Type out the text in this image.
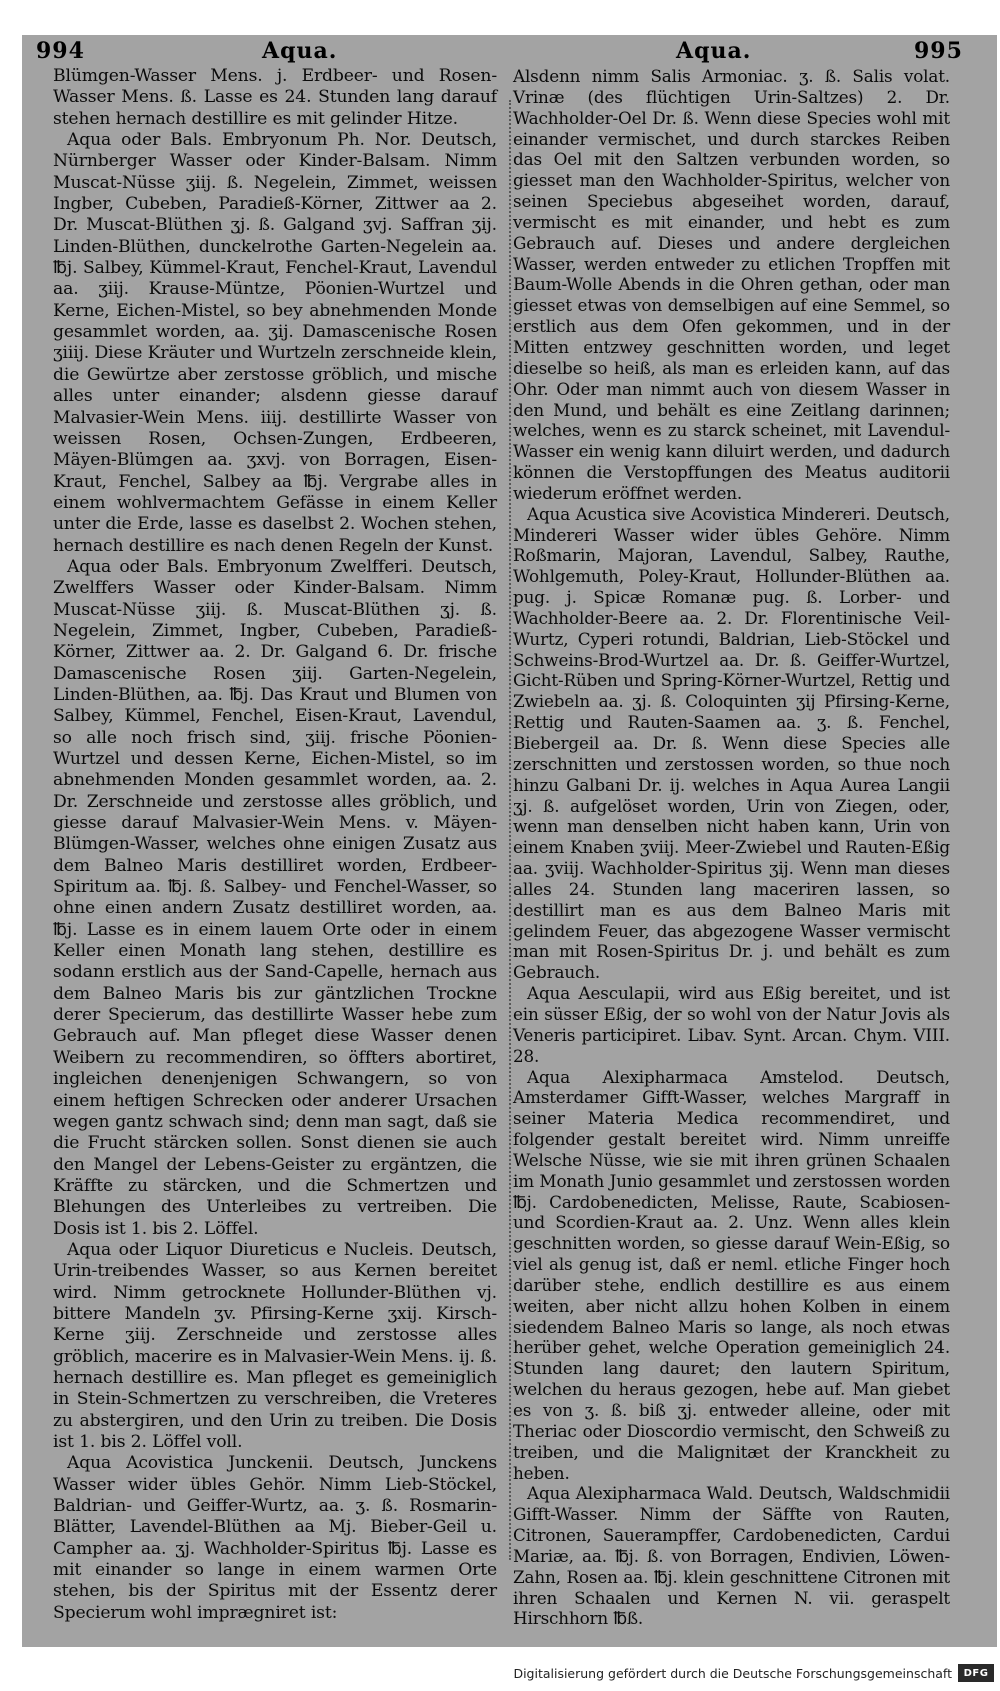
994	Aqua.	Aqua.	995

Blümgen-Wasser Mens. j. Erdbeer- und Rosen-Wasser Mens. ß. Lasse es 24. Stunden lang darauf stehen hernach destillire es mit gelinder Hitze.

Aqua oder Bals. Embryonum Ph. Nor. Deutsch, Nürnberger Wasser oder Kinder-Balsam. Nimm Muscat-Nüsse ʒiij. ß. Negelein, Zimmet, weissen Ingber, Cubeben, Paradieß-Körner, Zittwer aa 2. Dr. Muscat-Blüthen ʒj. ß. Galgand ʒvj. Saffran ʒij. Linden-Blüthen, dunckelrothe Garten-Negelein aa. ℔j. Salbey, Kümmel-Kraut, Fenchel-Kraut, Lavendul aa. ʒiij. Krause-Müntze, Pöonien-Wurtzel und Kerne, Eichen-Mistel, so bey abnehmenden Monde gesammlet worden, aa. ʒij. Damascenische Rosen ʒiiij. Diese Kräuter und Wurtzeln zerschneide klein, die Gewürtze aber zerstosse gröblich, und mische alles unter einander; alsdenn giesse darauf Malvasier-Wein Mens. iiij. destillirte Wasser von weissen Rosen, Ochsen-Zungen, Erdbeeren, Mäyen-Blümgen aa. ʒxvj. von Borragen, Eisen-Kraut, Fenchel, Salbey aa ℔j. Vergrabe alles in einem wohlvermachtem Gefässe in einem Keller unter die Erde, lasse es daselbst 2. Wochen stehen, hernach destillire es nach denen Regeln der Kunst.

Aqua oder Bals. Embryonum Zwelfferi. Deutsch, Zwelffers Wasser oder Kinder-Balsam. Nimm Muscat-Nüsse ʒiij. ß. Muscat-Blüthen ʒj. ß. Negelein, Zimmet, Ingber, Cubeben, Paradieß-Körner, Zittwer aa. 2. Dr. Galgand 6. Dr. frische Damascenische Rosen ʒiij. Garten-Negelein, Linden-Blüthen, aa. ℔j. Das Kraut und Blumen von Salbey, Kümmel, Fenchel, Eisen-Kraut, Lavendul, so alle noch frisch sind, ʒiij. frische Pöonien-Wurtzel und dessen Kerne, Eichen-Mistel, so im abnehmenden Monden gesammlet worden, aa. 2. Dr. Zerschneide und zerstosse alles gröblich, und giesse darauf Malvasier-Wein Mens. v. Mäyen-Blümgen-Wasser, welches ohne einigen Zusatz aus dem Balneo Maris destilliret worden, Erdbeer-Spiritum aa. ℔j. ß. Salbey- und Fenchel-Wasser, so ohne einen andern Zusatz destilliret worden, aa. ℔j. Lasse es in einem lauem Orte oder in einem Keller einen Monath lang stehen, destillire es sodann erstlich aus der Sand-Capelle, hernach aus dem Balneo Maris bis zur gäntzlichen Trockne derer Specierum, das destillirte Wasser hebe zum Gebrauch auf. Man pfleget diese Wasser denen Weibern zu recommendiren, so öffters abortiret, ingleichen denenjenigen Schwangern, so von einem heftigen Schrecken oder anderer Ursachen wegen gantz schwach sind; denn man sagt, daß sie die Frucht stärcken sollen. Sonst dienen sie auch den Mangel der Lebens-Geister zu ergäntzen, die Kräffte zu stärcken, und die Schmertzen und Blehungen des Unterleibes zu vertreiben. Die Dosis ist 1. bis 2. Löffel.

Aqua oder Liquor Diureticus e Nucleis. Deutsch, Urin-treibendes Wasser, so aus Kernen bereitet wird. Nimm getrocknete Hollunder-Blüthen vj. bittere Mandeln ʒv. Pfirsing-Kerne ʒxij. Kirsch-Kerne ʒiij. Zerschneide und zerstosse alles gröblich, macerire es in Malvasier-Wein Mens. ij. ß. hernach destillire es. Man pfleget es gemeiniglich in Stein-Schmertzen zu verschreiben, die Vreteres zu abstergiren, und den Urin zu treiben. Die Dosis ist 1. bis 2. Löffel voll.

Aqua Acovistica Junckenii. Deutsch, Junckens Wasser wider übles Gehör. Nimm Lieb-Stöckel, Baldrian- und Geiffer-Wurtz, aa. ʒ. ß. Rosmarin-Blätter, Lavendel-Blüthen aa Mj. Bieber-Geil u. Campher aa. ʒj. Wachholder-Spiritus ℔j. Lasse es mit einander so lange in einem warmen Orte stehen, bis der Spiritus mit der Essentz derer Specierum wohl imprægniret ist:

Alsdenn nimm Salis Armoniac. ʒ. ß. Salis volat. Vrinæ (des flüchtigen Urin-Saltzes) 2. Dr. Wachholder-Oel Dr. ß. Wenn diese Species wohl mit einander vermischet, und durch starckes Reiben das Oel mit den Saltzen verbunden worden, so giesset man den Wachholder-Spiritus, welcher von seinen Speciebus abgeseihet worden, darauf, vermischt es mit einander, und hebt es zum Gebrauch auf. Dieses und andere dergleichen Wasser, werden entweder zu etlichen Tropffen mit Baum-Wolle Abends in die Ohren gethan, oder man giesset etwas von demselbigen auf eine Semmel, so erstlich aus dem Ofen gekommen, und in der Mitten entzwey geschnitten worden, und leget dieselbe so heiß, als man es erleiden kann, auf das Ohr. Oder man nimmt auch von diesem Wasser in den Mund, und behält es eine Zeitlang darinnen; welches, wenn es zu starck scheinet, mit Lavendul-Wasser ein wenig kann diluirt werden, und dadurch können die Verstopffungen des Meatus auditorii wiederum eröffnet werden.

Aqua Acustica sive Acovistica Mindereri. Deutsch, Mindereri Wasser wider übles Gehöre. Nimm Roßmarin, Majoran, Lavendul, Salbey, Rauthe, Wohlgemuth, Poley-Kraut, Hollunder-Blüthen aa. pug. j. Spicæ Romanæ pug. ß. Lorber- und Wachholder-Beere aa. 2. Dr. Florentinische Veil-Wurtz, Cyperi rotundi, Baldrian, Lieb-Stöckel und Schweins-Brod-Wurtzel aa. Dr. ß. Geiffer-Wurtzel, Gicht-Rüben und Spring-Körner-Wurtzel, Rettig und Zwiebeln aa. ʒj. ß. Coloquinten ʒij Pfirsing-Kerne, Rettig und Rauten-Saamen aa. ʒ. ß. Fenchel, Biebergeil aa. Dr. ß. Wenn diese Species alle zerschnitten und zerstossen worden, so thue noch hinzu Galbani Dr. ij. welches in Aqua Aurea Langii ʒj. ß. aufgelöset worden, Urin von Ziegen, oder, wenn man denselben nicht haben kann, Urin von einem Knaben ʒviij. Meer-Zwiebel und Rauten-Eßig aa. ʒviij. Wachholder-Spiritus ʒij. Wenn man dieses alles 24. Stunden lang maceriren lassen, so destillirt man es aus dem Balneo Maris mit gelindem Feuer, das abgezogene Wasser vermischt man mit Rosen-Spiritus Dr. j. und behält es zum Gebrauch.

Aqua Aesculapii, wird aus Eßig bereitet, und ist ein süsser Eßig, der so wohl von der Natur Jovis als Veneris participiret. Libav. Synt. Arcan. Chym. VIII. 28.

Aqua Alexipharmaca Amstelod. Deutsch, Amsterdamer Gifft-Wasser, welches Margraff in seiner Materia Medica recommendiret, und folgender gestalt bereitet wird. Nimm unreiffe Welsche Nüsse, wie sie mit ihren grünen Schaalen im Monath Junio gesammlet und zerstossen worden ℔j. Cardobenedicten, Melisse, Raute, Scabiosen- und Scordien-Kraut aa. 2. Unz. Wenn alles klein geschnitten worden, so giesse darauf Wein-Eßig, so viel als genug ist, daß er neml. etliche Finger hoch darüber stehe, endlich destillire es aus einem weiten, aber nicht allzu hohen Kolben in einem siedendem Balneo Maris so lange, als noch etwas herüber gehet, welche Operation gemeiniglich 24. Stunden lang dauret; den lautern Spiritum, welchen du heraus gezogen, hebe auf. Man giebet es von ʒ. ß. biß ʒj. entweder alleine, oder mit Theriac oder Dioscordio vermischt, den Schweiß zu treiben, und die Malignitæt der Kranckheit zu heben.

Aqua Alexipharmaca Wald. Deutsch, Waldschmidii Gifft-Wasser. Nimm der Säffte von Rauten, Citronen, Sauerampffer, Cardobenedicten, Cardui Mariæ, aa. ℔j. ß. von Borragen, Endivien, Löwen-Zahn, Rosen aa. ℔j. klein geschnittene Citronen mit ihren Schaalen und Kernen N. vii. geraspelt Hirschhorn ℔ß.

Digitalisierung gefördert durch die Deutsche Forschungsgemeinschaft	DFG
